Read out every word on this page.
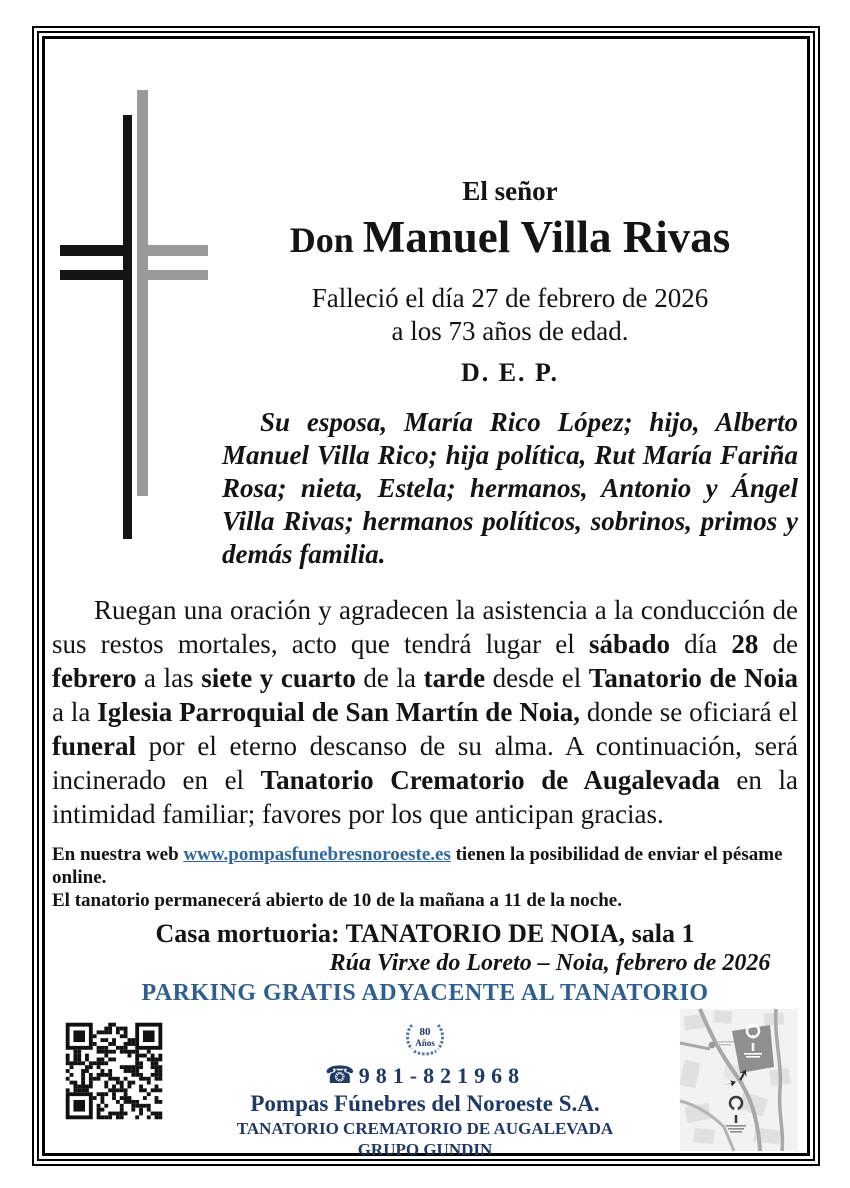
El señor
Don Manuel Villa Rivas
Falleció el día 27 de febrero de 2026
a los 73 años de edad.
D. E. P.

Su esposa, María Rico López; hijo, Alberto Manuel Villa Rico; hija política, Rut María Fariña Rosa; nieta, Estela; hermanos, Antonio y Ángel Villa Rivas; hermanos políticos, sobrinos, primos y demás familia.

Ruegan una oración y agradecen la asistencia a la conducción de sus restos mortales, acto que tendrá lugar el sábado día 28 de febrero a las siete y cuarto de la tarde desde el Tanatorio de Noia a la Iglesia Parroquial de San Martín de Noia, donde se oficiará el funeral por el eterno descanso de su alma. A continuación, será incinerado en el Tanatorio Crematorio de Augalevada en la intimidad familiar; favores por los que anticipan gracias.

En nuestra web www.pompasfunebresnoroeste.es tienen la posibilidad de enviar el pésame online.
El tanatorio permanecerá abierto de 10 de la mañana a 11 de la noche.
Casa mortuoria: TANATORIO DE NOIA, sala 1
Rúa Virxe do Loreto – Noia, febrero de 2026
PARKING GRATIS ADYACENTE AL TANATORIO
80
Años
☎ 981-821968
Pompas Fúnebres del Noroeste S.A.
TANATORIO CREMATORIO DE AUGALEVADA
GRUPO GUNDIN
